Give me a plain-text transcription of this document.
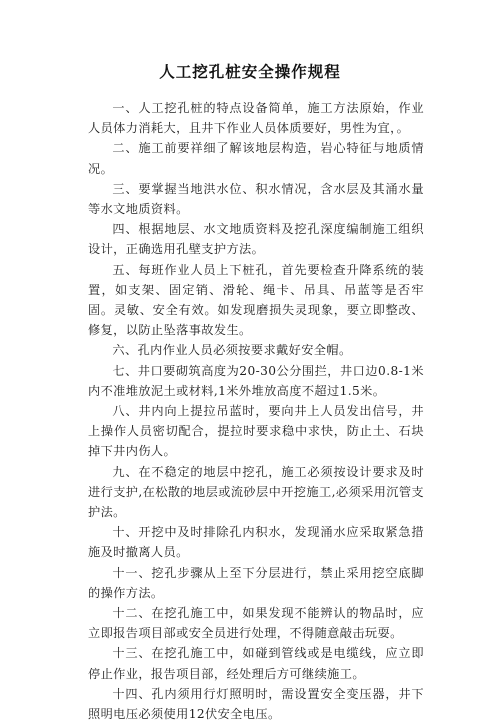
人工挖孔桩安全操作规程

一、人工挖孔桩的特点设备简单，施工方法原始，作业人员体力消耗大，且井下作业人员体质要好，男性为宜，。

二、施工前要祥细了解该地层构造，岩心特征与地质情况。

三、要掌握当地洪水位、积水情况，含水层及其涌水量等水文地质资料。

四、根据地层、水文地质资料及挖孔深度编制施工组织设计，正确选用孔壁支护方法。

五、每班作业人员上下桩孔，首先要检查升降系统的装置，如支架、固定销、滑轮、绳卡、吊具、吊蓝等是否牢固。灵敏、安全有效。如发现磨损失灵现象，要立即整改、修复，以防止坠落事故发生。

六、孔内作业人员必须按要求戴好安全帽。

七、井口要砌筑高度为20-30公分围拦，井口边0.8-1米内不准堆放泥土或材料,1米外堆放高度不超过1.5米。

八、井内向上提拉吊蓝时，要向井上人员发出信号，井上操作人员密切配合，提拉时要求稳中求快，防止土、石块掉下井内伤人。

九、在不稳定的地层中挖孔，施工必须按设计要求及时进行支护,在松散的地层或流砂层中开挖施工,必须采用沉管支护法。

十、开挖中及时排除孔内积水，发现涌水应采取紧急措施及时撤离人员。

十一、挖孔步骤从上至下分层进行，禁止采用挖空底脚的操作方法。

十二、在挖孔施工中，如果发现不能辨认的物品时，应立即报告项目部或安全员进行处理，不得随意敲击玩耍。

十三、在挖孔施工中，如碰到管线或是电缆线，应立即停止作业，报告项目部，经处理后方可继续施工。

十四、孔内须用行灯照明时，需设置安全变压器，井下照明电压必须使用12伏安全电压。
